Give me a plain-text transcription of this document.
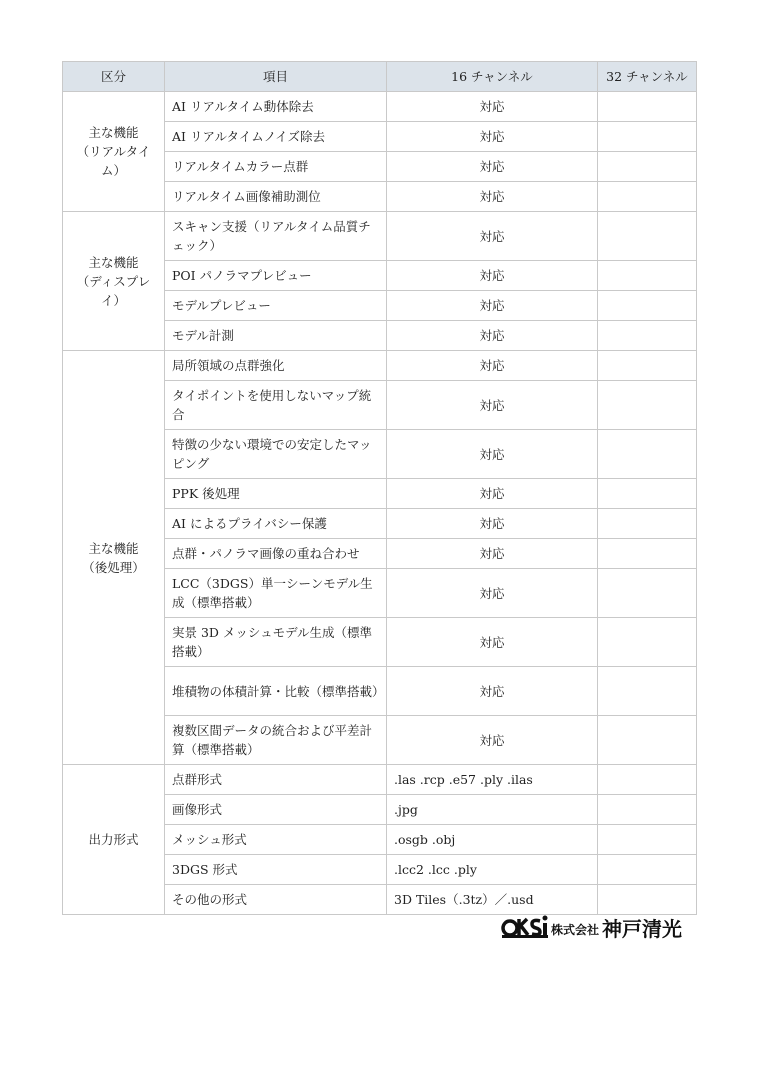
区分	項目	16 チャンネル	32 チャンネル

主な機能
（リアルタイ
ム）	AI リアルタイム動体除去	対応	
	AI リアルタイムノイズ除去	対応	
	リアルタイムカラー点群	対応	
	リアルタイム画像補助測位	対応	

主な機能
（ディスプレ
イ）	スキャン支援（リアルタイム品質チェック）	対応	
	POI パノラマプレビュー	対応	
	モデルプレビュー	対応	
	モデル計測	対応	

主な機能
（後処理）	局所領域の点群強化	対応	
	タイポイントを使用しないマップ統合	対応	
	特徴の少ない環境での安定したマッピング	対応	
	PPK 後処理	対応	
	AI によるプライバシー保護	対応	
	点群・パノラマ画像の重ね合わせ	対応	
	LCC（3DGS）単一シーンモデル生成（標準搭載）	対応	
	実景 3D メッシュモデル生成（標準搭載）	対応	
	堆積物の体積計算・比較（標準搭載）	対応	
	複数区間データの統合および平差計算（標準搭載）	対応	

出力形式	点群形式	.las .rcp .e57 .ply .ilas	
	画像形式	.jpg	
	メッシュ形式	.osgb .obj	
	3DGS 形式	.lcc2 .lcc .ply	
	その他の形式	3D Tiles（.3tz）／.usd	
株式会社 神戸清光
